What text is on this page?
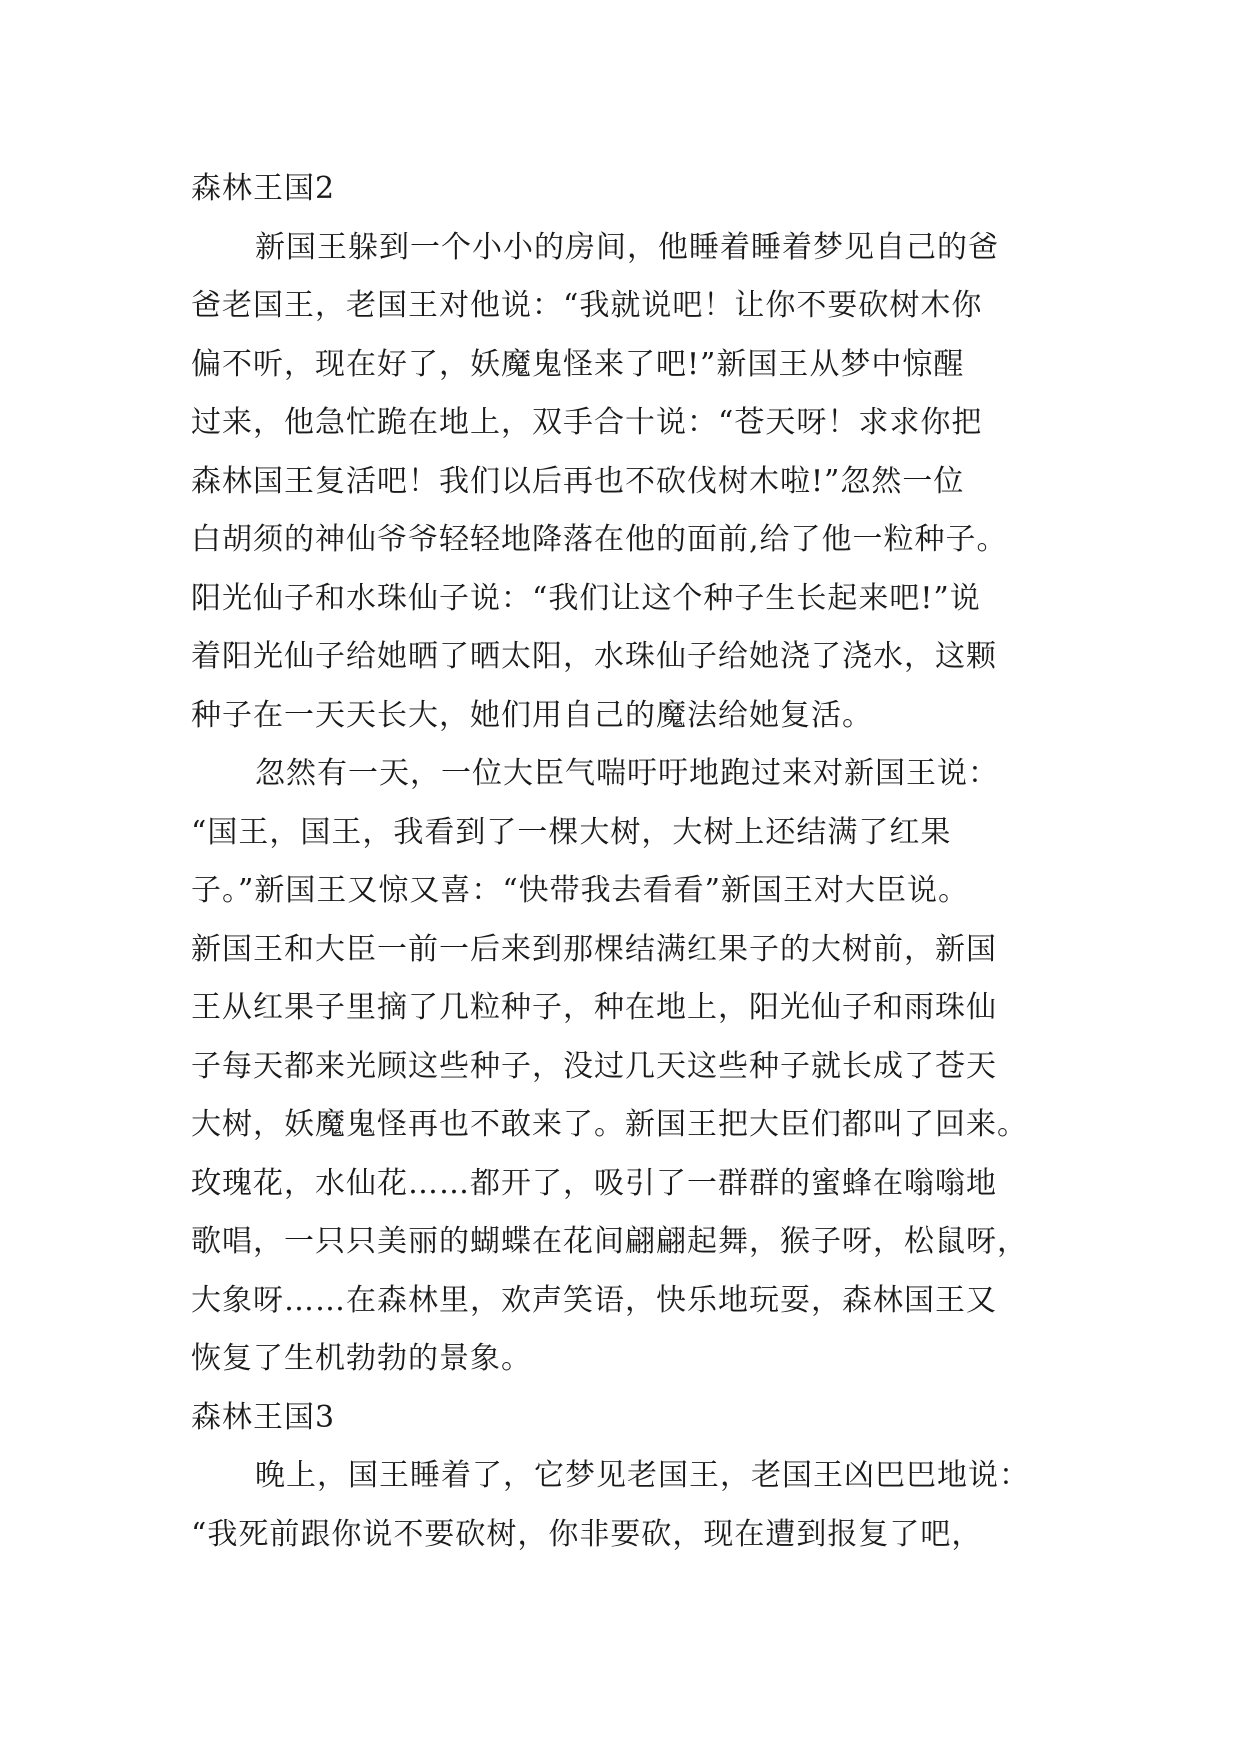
森林王国2
新国王躲到一个小小的房间，他睡着睡着梦见自己的爸
爸老国王，老国王对他说：“我就说吧！让你不要砍树木你
偏不听，现在好了，妖魔鬼怪来了吧!”新国王从梦中惊醒
过来，他急忙跪在地上，双手合十说：“苍天呀！求求你把
森林国王复活吧！我们以后再也不砍伐树木啦!”忽然一位
白胡须的神仙爷爷轻轻地降落在他的面前,给了他一粒种子。
阳光仙子和水珠仙子说：“我们让这个种子生长起来吧!”说
着阳光仙子给她晒了晒太阳，水珠仙子给她浇了浇水，这颗
种子在一天天长大，她们用自己的魔法给她复活。
忽然有一天，一位大臣气喘吁吁地跑过来对新国王说：
“国王，国王，我看到了一棵大树，大树上还结满了红果
子。”新国王又惊又喜：“快带我去看看”新国王对大臣说。
新国王和大臣一前一后来到那棵结满红果子的大树前，新国
王从红果子里摘了几粒种子，种在地上，阳光仙子和雨珠仙
子每天都来光顾这些种子，没过几天这些种子就长成了苍天
大树，妖魔鬼怪再也不敢来了。新国王把大臣们都叫了回来。
玫瑰花，水仙花……都开了，吸引了一群群的蜜蜂在嗡嗡地
歌唱，一只只美丽的蝴蝶在花间翩翩起舞，猴子呀，松鼠呀，
大象呀……在森林里，欢声笑语，快乐地玩耍，森林国王又
恢复了生机勃勃的景象。
森林王国3
晚上，国王睡着了，它梦见老国王，老国王凶巴巴地说：
“我死前跟你说不要砍树，你非要砍，现在遭到报复了吧，
